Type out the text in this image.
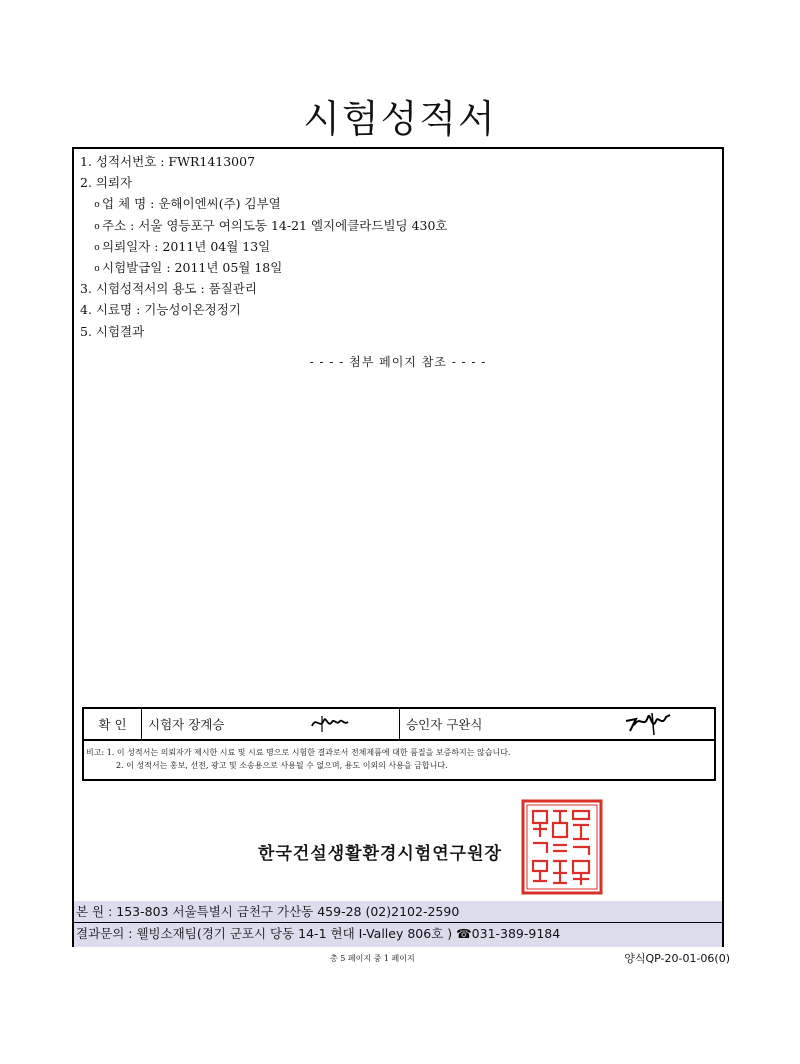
시험성적서
1. 성적서번호 : FWR1413007
2. 의뢰자
o 업 체 명 : 운해이엔씨(주) 김부열
o 주소 : 서울 영등포구 여의도동 14-21 엘지에클라드빌딩 430호
o 의뢰일자 : 2011년 04월 13일
o 시험발급일 : 2011년 05월 18일
3. 시험성적서의 용도 : 품질관리
4. 시료명 : 기능성이온정정기
5. 시험결과
- - - - 첨부 페이지 참조 - - - -
확 인	시험자 장계승	승인자 구완식
비고: 1. 이 성적서는 의뢰자가 제시한 시료 및 시료 명으로 시험한 결과로서 전체제품에 대한 품질을 보증하지는 않습니다.
2. 이 성적서는 홍보, 선전, 광고 및 소송용으로 사용될 수 없으며, 용도 이외의 사용을 금합니다.
한국건설생활환경시험연구원장
본 원 : 153-803 서울특별시 금천구 가산동 459-28 (02)2102-2590
결과문의 : 웰빙소재팀(경기 군포시 당동 14-1 현대 I-Valley 806호 ) ☎031-389-9184
총 5 페이지 중 1 페이지	양식QP-20-01-06(0)
